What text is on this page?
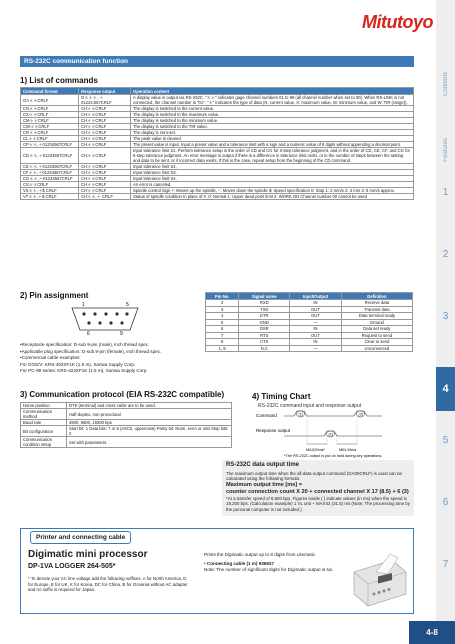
Mitutoyo
Contents
Features
1
2
3
4
5
6
7
RS-232C communication function
1) List of commands
Command format	Response output	Operation content
GA＊＊CRLF	G＊＊＊, ＋01234.567CRLF	A display value is output via RS-232C. "＊＊" indicates gage channel numbers 01 to 99 (all channel number when set to 00). When RS-LINK is not connected, the channel number is "01". "＊" indicates the type of data (N: current value, X: maximum value, M: minimum value, and W: TIR (range)).
CN＊＊CRLF	CH＊＊CRLF	The display is switched to the current value.
CX＊＊CRLF	CH＊＊CRLF	The display is switched to the maximum value.
CM＊＊CRLF	CH＊＊CRLF	The display is switched to the minimum value.
CW＊＊CRLF	CH＊＊CRLF	The display is switched to the TIR value.
CR＊＊CRLF	CH＊＊CRLF	The display is zero-set.
CL＊＊CRLF	CH＊＊CRLF	The peak value is cleared.
CP＊＊,＋01234567CRLF	CH＊＊CRLF	The preset value is input. Input a preset value and a tolerance limit with a sign and a numeric value of 8 digits without appending a decimal point.
CD＊＊,＋01234567CRLF	CH＊＊CRLF	Input tolerance limit S1. Perform tolerance setup in the order of CD and CG for 3-step tolerance judgment, and in the order of CD, CE, CF, and CG for 5-step tolerance judgment. An error message is output if there is a difference in tolerance limit order, or in the number of steps between the setting and data to be sent, or if incorrect data exists. If this is the case, repeat setup from the beginning of the CD command.
CE＊＊,＋01234567CRLF	CH＊＊CRLF	Input tolerance limit S2.
CF＊＊,＋01234567CRLF	CH＊＊CRLF	Input tolerance limit S3.
CG＊＊,＋01234567CRLF	CH＊＊CRLF	Input tolerance limit S4.
CS＊＊CRLF	CH＊＊CRLF	An error is canceled.
VS＊＊,＋$ CRLF	CH＊＊CRLF	Spindle control Sign +: Moves up the spindle, −: Moves down the spindle $: Speed specification 0: Stop 1: 2 mm/s 2: 4 mm 3: 8 mm/s approx.
VT＊＊,＋$ CRLF	CH＊＊,＋ CRLF	Status of spindle condition In place of #, 0: Normal 1: Upper dead point limit 2: WORK ON Channel number 00 cannot be used
2) Pin assignment
1	5
6	9
•Receptacle specification: D-sub 9-pin (male), inch thread spec.
•Applicable plug specification: D-sub 9-pin (female), inch thread spec.
•Commercial cable examples:
For DOS/V: KRS-403XF1K (1.5 m), Sanwa Supply Corp.
For PC-98 series: KRS-423XF1K (1.5 m), Sanwa Supply Corp.
Pin No.	Signal name	Input/Output	Definition
2	RXD	IN	Receive data
3	TXD	OUT	Transmit data
4	DTR	OUT	Data terminal ready
5	GND	—	Ground
6	DSR	IN	Data set ready
7	RTS	OUT	Request to send
8	CTS	IN	Clear to send
1, 9	N.C	—	Unconnected
3) Communication protocol (EIA RS-232C compatible)
Home position	DTE (terminal) and cross cable are to be used.
Communication method	Half-duplex, non-procedural
Baud rate	4800, 9600, 19200 bps
Bit configuration	Start bit: 1 Data bits: 7 or 8 (ASCII, uppercase) Parity bit: None, even or odd Stop bits: 2
Communication condition setup	Set with parameters.
4) Timing Chart
RS-232C command input and response output
Command	(1)	(3)
Response output
(2)
MAX20ms*	MIN.10ms
*The RS-232C output is put on hold during key operations.
RS-232C data output time
The maximum output time when the all-data-output command (GA00CRLF) is used can be calculated using the following formula.
Maximum output time [ms] =
counter connection count X 20 + connected channel X 17 (8.5) + 6 (3)
*At a transfer speed of 9,600 bps. Figures inside ( ) indicate values (in ms) when the speed is 19,200 bps. (Calculation example) 1 VL unit + MAX43 (31.5) ms (Note: The processing time by the personal computer is not included.)
Printer and connecting cable
Digimatic mini processor
DP-1VA LOGGER 264-505*
* To denote your AC line voltage add the following suffixes. A for North America, D for Europe, E for UK, K for Korea, DC for China, B for Oceania without AC adapter and no suffix is required for Japan.
Prints the Digimatic output up to 8 digits from Litematic.
• Connecting cable (1 m) 936937
Note: The number of significant digits for Digimatic output is six.
4-8
